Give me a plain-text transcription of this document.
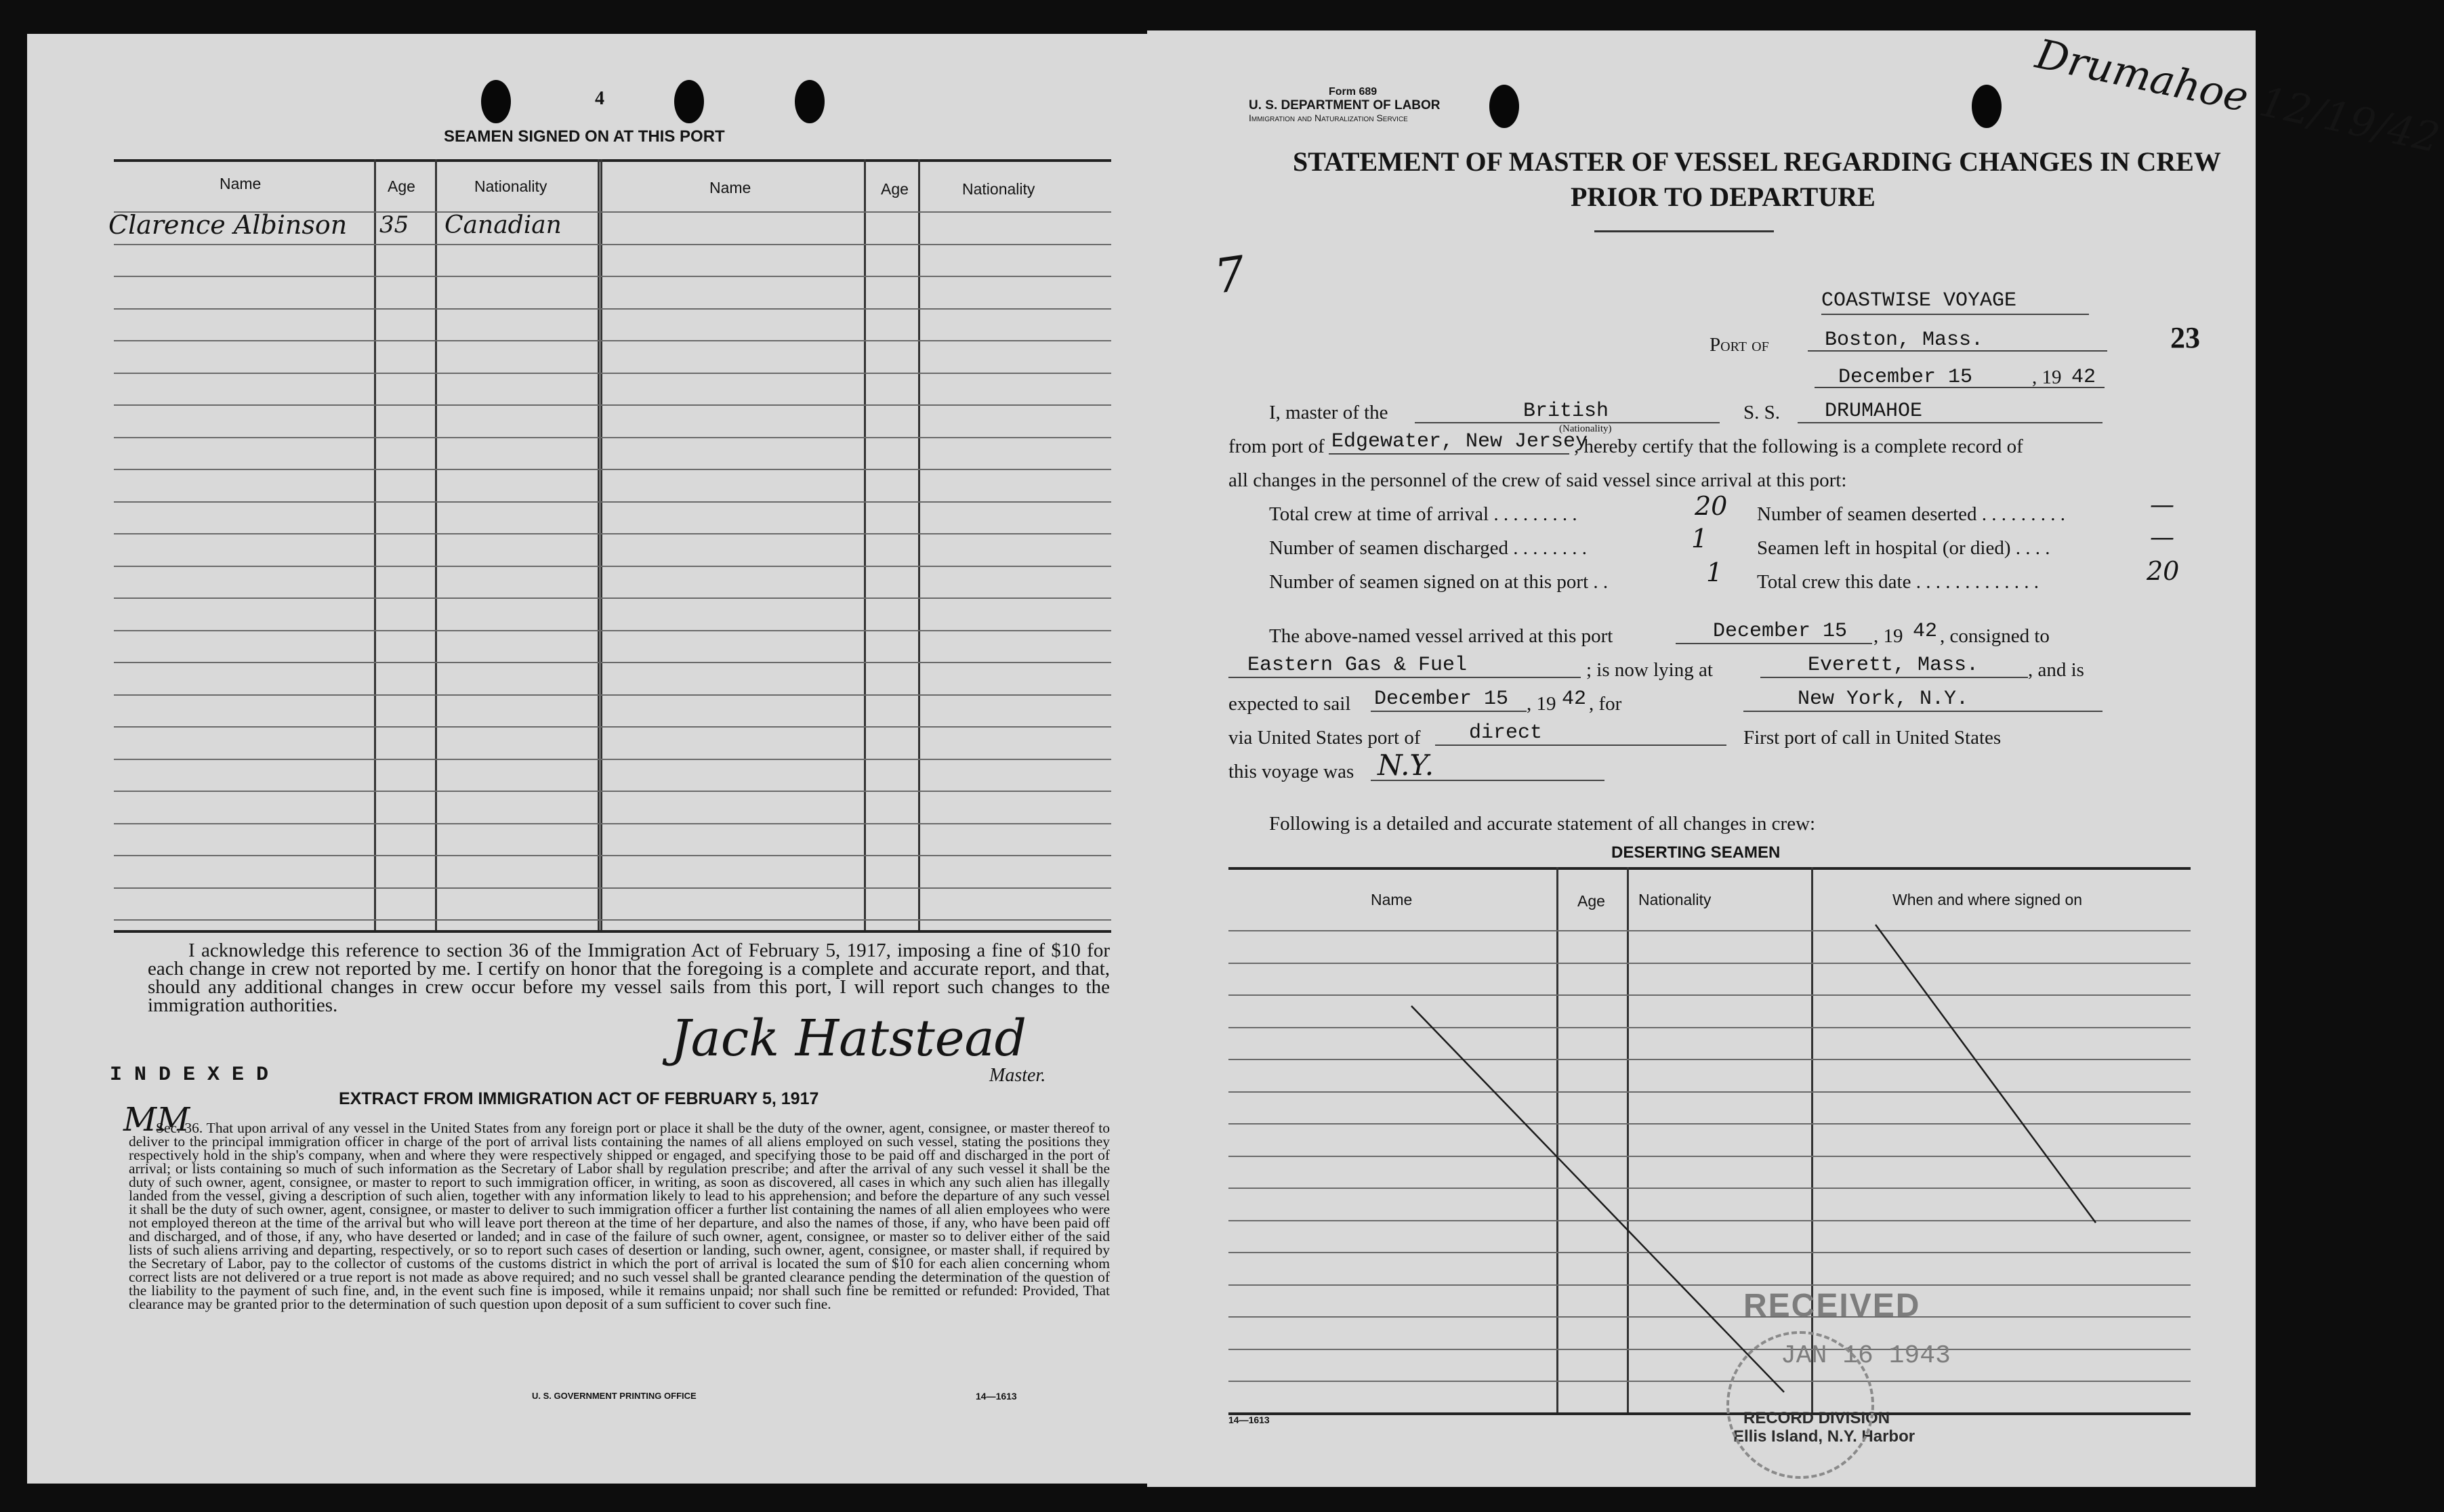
4
SEAMEN SIGNED ON AT THIS PORT
Name	Age	Nationality	Name	Age	Nationality
Clarence Albinson 35 Canadian
I acknowledge this reference to section 36 of the Immigration Act of February 5, 1917, imposing a fine of $10 for each change in crew not reported by me. I certify on honor that the foregoing is a complete and accurate report, and that, should any additional changes in crew occur before my vessel sails from this port, I will report such changes to the immigration authorities.
Jack Hatstead
Master.
I N D E X E D
MM
EXTRACT FROM IMMIGRATION ACT OF FEBRUARY 5, 1917
Sec. 36. That upon arrival of any vessel in the United States from any foreign port or place it shall be the duty of the owner, agent, consignee, or master thereof to deliver to the principal immigration officer in charge of the port of arrival lists containing the names of all aliens employed on such vessel, stating the positions they respectively hold in the ship's company, when and where they were respectively shipped or engaged, and specifying those to be paid off and discharged in the port of arrival; or lists containing so much of such information as the Secretary of Labor shall by regulation prescribe; and after the arrival of any such vessel it shall be the duty of such owner, agent, consignee, or master to report to such immigration officer, in writing, as soon as discovered, all cases in which any such alien has illegally landed from the vessel, giving a description of such alien, together with any information likely to lead to his apprehension; and before the departure of any such vessel it shall be the duty of such owner, agent, consignee, or master to deliver to such immigration officer a further list containing the names of all alien employees who were not employed thereon at the time of the arrival but who will leave port thereon at the time of her departure, and also the names of those, if any, who have been paid off and discharged, and of those, if any, who have deserted or landed; and in case of the failure of such owner, agent, consignee, or master so to deliver either of the said lists of such aliens arriving and departing, respectively, or so to report such cases of desertion or landing, such owner, agent, consignee, or master shall, if required by the Secretary of Labor, pay to the collector of customs of the customs district in which the port of arrival is located the sum of $10 for each alien concerning whom correct lists are not delivered or a true report is not made as above required; and no such vessel shall be granted clearance pending the determination of the question of the liability to the payment of such fine, and, in the event such fine is imposed, while it remains unpaid; nor shall such fine be remitted or refunded: Provided, That clearance may be granted prior to the determination of such question upon deposit of a sum sufficient to cover such fine.
U. S. GOVERNMENT PRINTING OFFICE	14—1613
Drumahoe 12/19/42
Form 689
U. S. DEPARTMENT OF LABOR
Immigration and Naturalization Service
STATEMENT OF MASTER OF VESSEL REGARDING CHANGES IN CREW
PRIOR TO DEPARTURE
7	COASTWISE VOYAGE
23
Port of	Boston, Mass.
December 15	, 19 42
I, master of the	British
(Nationality)
S. S. DRUMAHOE
from port of Edgewater, New Jersey
, hereby certify that the following is a complete record of
all changes in the personnel of the crew of said vessel since arrival at this port:
Total crew at time of arrival . . . . . . . . .	20 Number of seamen deserted . . . . . . . . .	—
Number of seamen discharged . . . . . . . .	1	Seamen left in hospital (or died) . . . .	—
Number of seamen signed on at this port . .	1 Total crew this date . . . . . . . . . . . . .	20
The above-named vessel arrived at this port	December 15 , 19 42 , consigned to
Eastern Gas & Fuel	; is now lying at	Everett, Mass.	, and is
expected to sail December 15 , 19 42 , for	New York, N.Y.
via United States port of direct	First port of call in United States
this voyage was N.Y.
Following is a detailed and accurate statement of all changes in crew:
DESERTING SEAMEN
Name	Age Nationality	When and where signed on
RECEIVED
JAN 16 1943
RECORD DIVISION
Ellis Island, N.Y. Harbor
14—1613
